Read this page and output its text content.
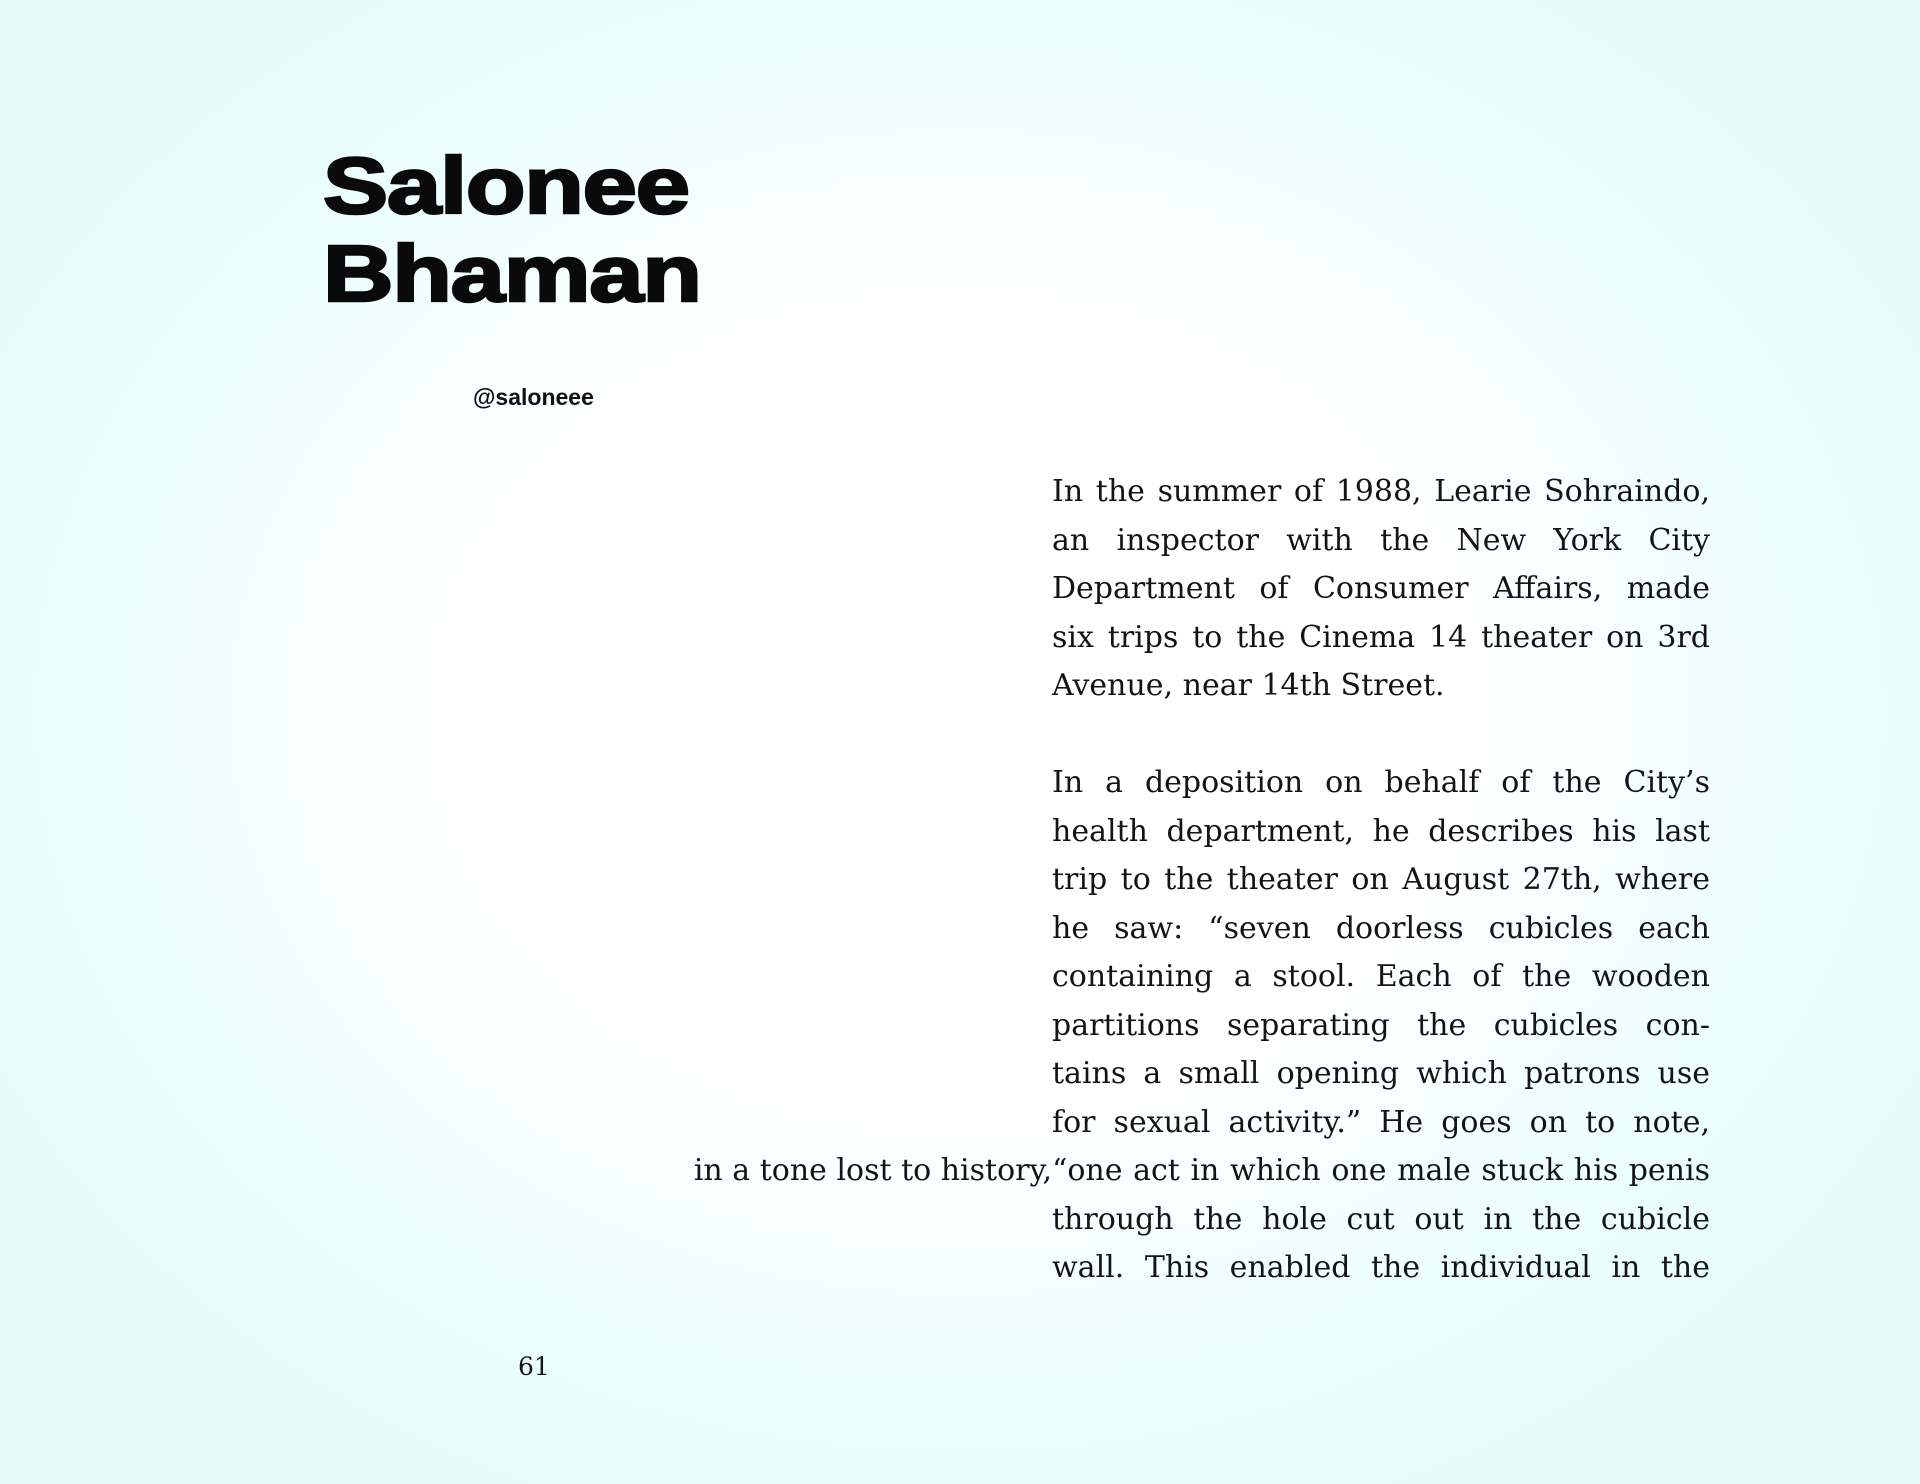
Salonee
Bhaman
@saloneee

In the summer of 1988, Learie Sohraindo,
an inspector with the New York City
Department of Consumer Affairs, made
six trips to the Cinema 14 theater on 3rd
Avenue, near 14th Street.

In a deposition on behalf of the City’s
health department, he describes his last
trip to the theater on August 27th, where
he saw: “seven doorless cubicles each
containing a stool. Each of the wooden
partitions separating the cubicles con-
tains a small opening which patrons use
for sexual activity.” He goes on to note,
in a tone lost to history, “one act in which one male stuck his penis
through the hole cut out in the cubicle
wall. This enabled the individual in the

61
